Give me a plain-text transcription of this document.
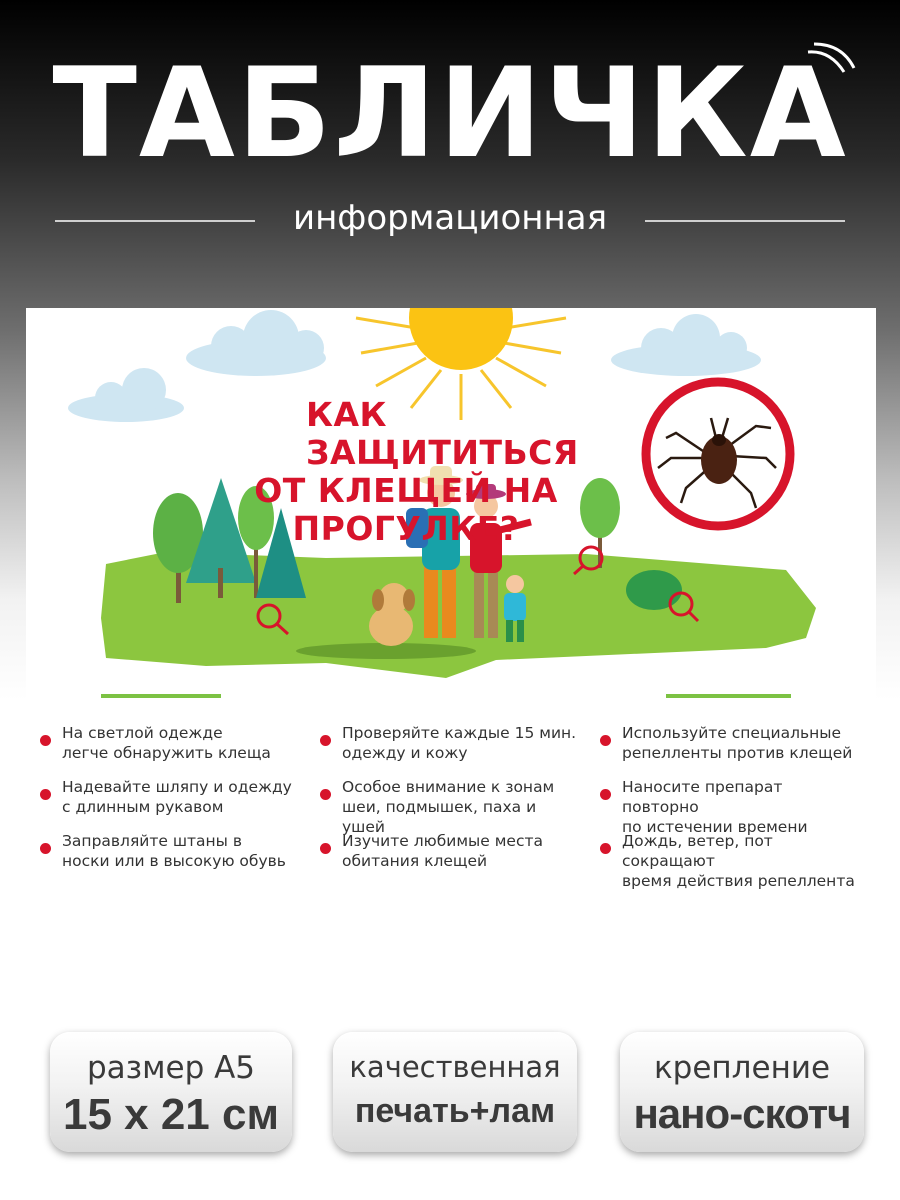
ТАБЛИЧКА
информационная
КАК ЗАЩИТИТЬСЯ
ОТ КЛЕЩЕЙ НА ПРОГУЛКЕ?
На светлой одежде
легче обнаружить клеща
Надевайте шляпу и одежду
с длинным рукавом
Заправляйте штаны в
носки или в высокую обувь
Проверяйте каждые 15 мин.
одежду и кожу
Особое внимание к зонам
шеи, подмышек, паха и ушей
Изучите любимые места
обитания клещей
Используйте специальные
репелленты против клещей
Наносите препарат повторно
по истечении времени
Дождь, ветер, пот сокращают
время действия репеллента
размер А5
15 х 21 см
качественная
печать+лам
крепление
нано-скотч
